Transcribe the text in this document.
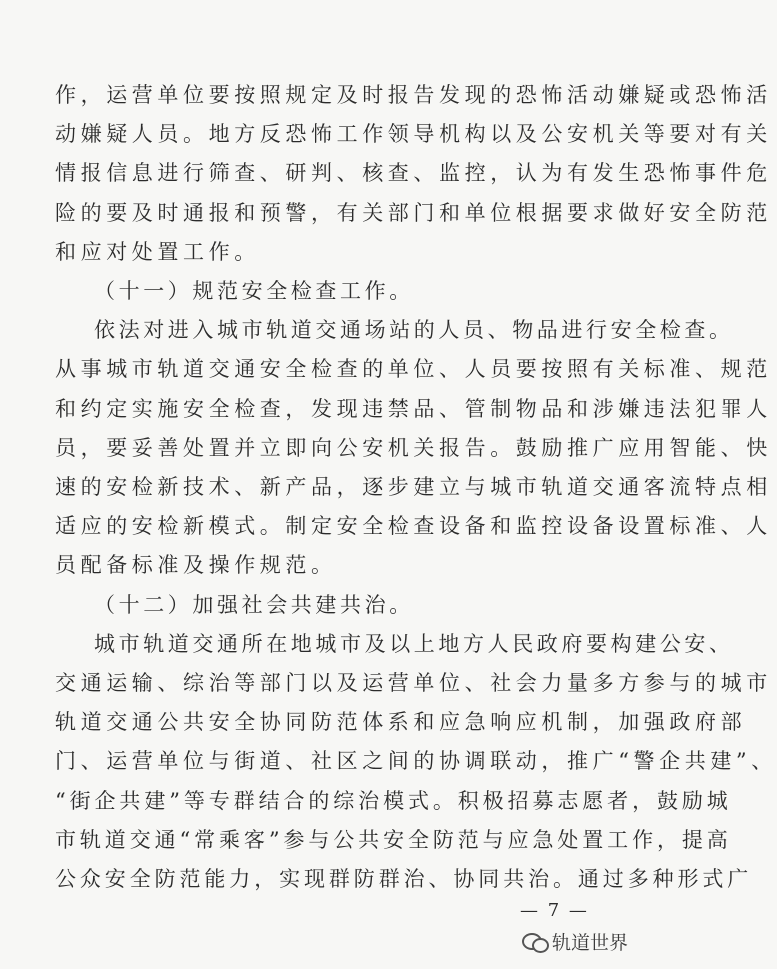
作，运营单位要按照规定及时报告发现的恐怖活动嫌疑或恐怖活
动嫌疑人员。地方反恐怖工作领导机构以及公安机关等要对有关
情报信息进行筛查、研判、核查、监控，认为有发生恐怖事件危
险的要及时通报和预警，有关部门和单位根据要求做好安全防范
和应对处置工作。
（十一）规范安全检查工作。
依法对进入城市轨道交通场站的人员、物品进行安全检查。
从事城市轨道交通安全检查的单位、人员要按照有关标准、规范
和约定实施安全检查，发现违禁品、管制物品和涉嫌违法犯罪人
员，要妥善处置并立即向公安机关报告。鼓励推广应用智能、快
速的安检新技术、新产品，逐步建立与城市轨道交通客流特点相
适应的安检新模式。制定安全检查设备和监控设备设置标准、人
员配备标准及操作规范。
（十二）加强社会共建共治。
城市轨道交通所在地城市及以上地方人民政府要构建公安、
交通运输、综治等部门以及运营单位、社会力量多方参与的城市
轨道交通公共安全协同防范体系和应急响应机制，加强政府部
门、运营单位与街道、社区之间的协调联动，推广“警企共建”、
“街企共建”等专群结合的综治模式。积极招募志愿者，鼓励城
市轨道交通“常乘客”参与公共安全防范与应急处置工作，提高
公众安全防范能力，实现群防群治、协同共治。通过多种形式广
— 7 —
轨道世界
